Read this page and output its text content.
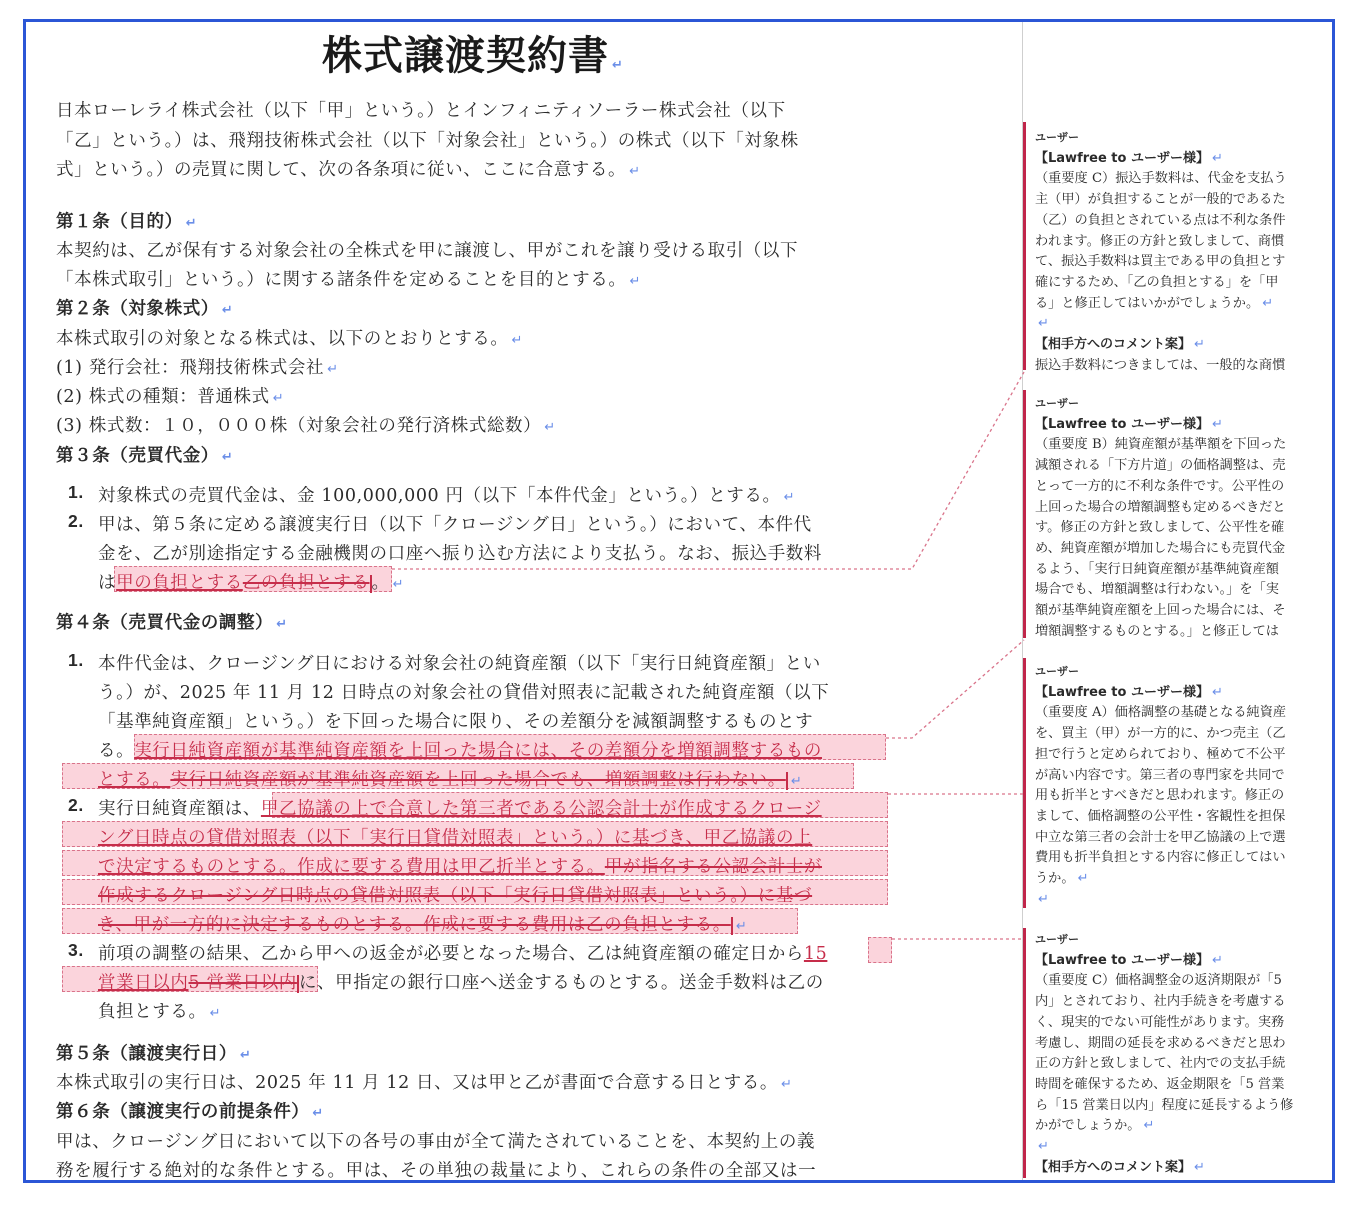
株式譲渡契約書 ↵
日本ローレライ株式会社（以下「甲」という。）とインフィニティソーラー株式会社（以下
「乙」という。）は、飛翔技術株式会社（以下「対象会社」という。）の株式（以下「対象株
式」という。）の売買に関して、次の各条項に従い、ここに合意する。 ↵
第１条（目的） ↵
本契約は、乙が保有する対象会社の全株式を甲に譲渡し、甲がこれを譲り受ける取引（以下
「本株式取引」という。）に関する諸条件を定めることを目的とする。 ↵
第２条（対象株式） ↵
本株式取引の対象となる株式は、以下のとおりとする。 ↵
(1) 発行会社：飛翔技術株式会社 ↵
(2) 株式の種類：普通株式 ↵
(3) 株式数：１０，０００株（対象会社の発行済株式総数） ↵
第３条（売買代金） ↵
1. 対象株式の売買代金は、金 100,000,000 円（以下「本件代金」という。）とする。 ↵
2. 甲は、第５条に定める譲渡実行日（以下「クロージング日」という。）において、本件代
金を、乙が別途指定する金融機関の口座へ振り込む方法により支払う。なお、振込手数料
は甲の負担とする乙の負担とする 。 ↵
第４条（売買代金の調整） ↵
1. 本件代金は、クロージング日における対象会社の純資産額（以下「実行日純資産額」とい
う。）が、2025 年 11 月 12 日時点の対象会社の貸借対照表に記載された純資産額（以下
「基準純資産額」という。）を下回った場合に限り、その差額分を減額調整するものとす
る。実行日純資産額が基準純資産額を上回った場合には、その差額分を増額調整するもの
とする。実行日純資産額が基準純資産額を上回った場合でも、増額調整は行わない。 ↵
2. 実行日純資産額は、甲乙協議の上で合意した第三者である公認会計士が作成するクロージ
ング日時点の貸借対照表（以下「実行日貸借対照表」という。）に基づき、甲乙協議の上
で決定するものとする。作成に要する費用は甲乙折半とする。甲が指名する公認会計士が
作成するクロージング日時点の貸借対照表（以下「実行日貸借対照表」という。）に基づ
き、甲が一方的に決定するものとする。作成に要する費用は乙の負担とする。 ↵
3. 前項の調整の結果、乙から甲への返金が必要となった場合、乙は純資産額の確定日から15
営業日以内5 営業日以内 に、甲指定の銀行口座へ送金するものとする。送金手数料は乙の
負担とする。 ↵
第５条（譲渡実行日） ↵
本株式取引の実行日は、2025 年 11 月 12 日、又は甲と乙が書面で合意する日とする。 ↵
第６条（譲渡実行の前提条件） ↵
甲は、クロージング日において以下の各号の事由が全て満たされていることを、本契約上の義
務を履行する絶対的な条件とする。甲は、その単独の裁量により、これらの条件の全部又は一
ユーザー
【Lawfree to ユーザー様】 ↵
（重要度 C）振込手数料は、代金を支払う
主（甲）が負担することが一般的であるた
（乙）の負担とされている点は不利な条件
われます。修正の方針と致しまして、商慣
て、振込手数料は買主である甲の負担とす
確にするため、「乙の負担とする」を「甲
る」と修正してはいかがでしょうか。 ↵
↵
【相手方へのコメント案】 ↵
振込手数料につきましては、一般的な商慣
ユーザー
【Lawfree to ユーザー様】 ↵
（重要度 B）純資産額が基準額を下回った
減額される「下方片道」の価格調整は、売
とって一方的に不利な条件です。公平性の
上回った場合の増額調整も定めるべきだと
す。修正の方針と致しまして、公平性を確
め、純資産額が増加した場合にも売買代金
るよう、「実行日純資産額が基準純資産額
場合でも、増額調整は行わない。」を「実
額が基準純資産額を上回った場合には、そ
増額調整するものとする。」と修正しては
ユーザー
【Lawfree to ユーザー様】 ↵
（重要度 A）価格調整の基礎となる純資産
を、買主（甲）が一方的に、かつ売主（乙
担で行うと定められており、極めて不公平
が高い内容です。第三者の専門家を共同で
用も折半とすべきだと思われます。修正の
まして、価格調整の公平性・客観性を担保
中立な第三者の会計士を甲乙協議の上で選
費用も折半負担とする内容に修正してはい
うか。 ↵
↵
ユーザー
【Lawfree to ユーザー様】 ↵
（重要度 C）価格調整金の返済期限が「5
内」とされており、社内手続きを考慮する
く、現実的でない可能性があります。実務
考慮し、期間の延長を求めるべきだと思わ
正の方針と致しまして、社内での支払手続
時間を確保するため、返金期限を「5 営業
ら「15 営業日以内」程度に延長するよう修
かがでしょうか。 ↵
↵
【相手方へのコメント案】 ↵
